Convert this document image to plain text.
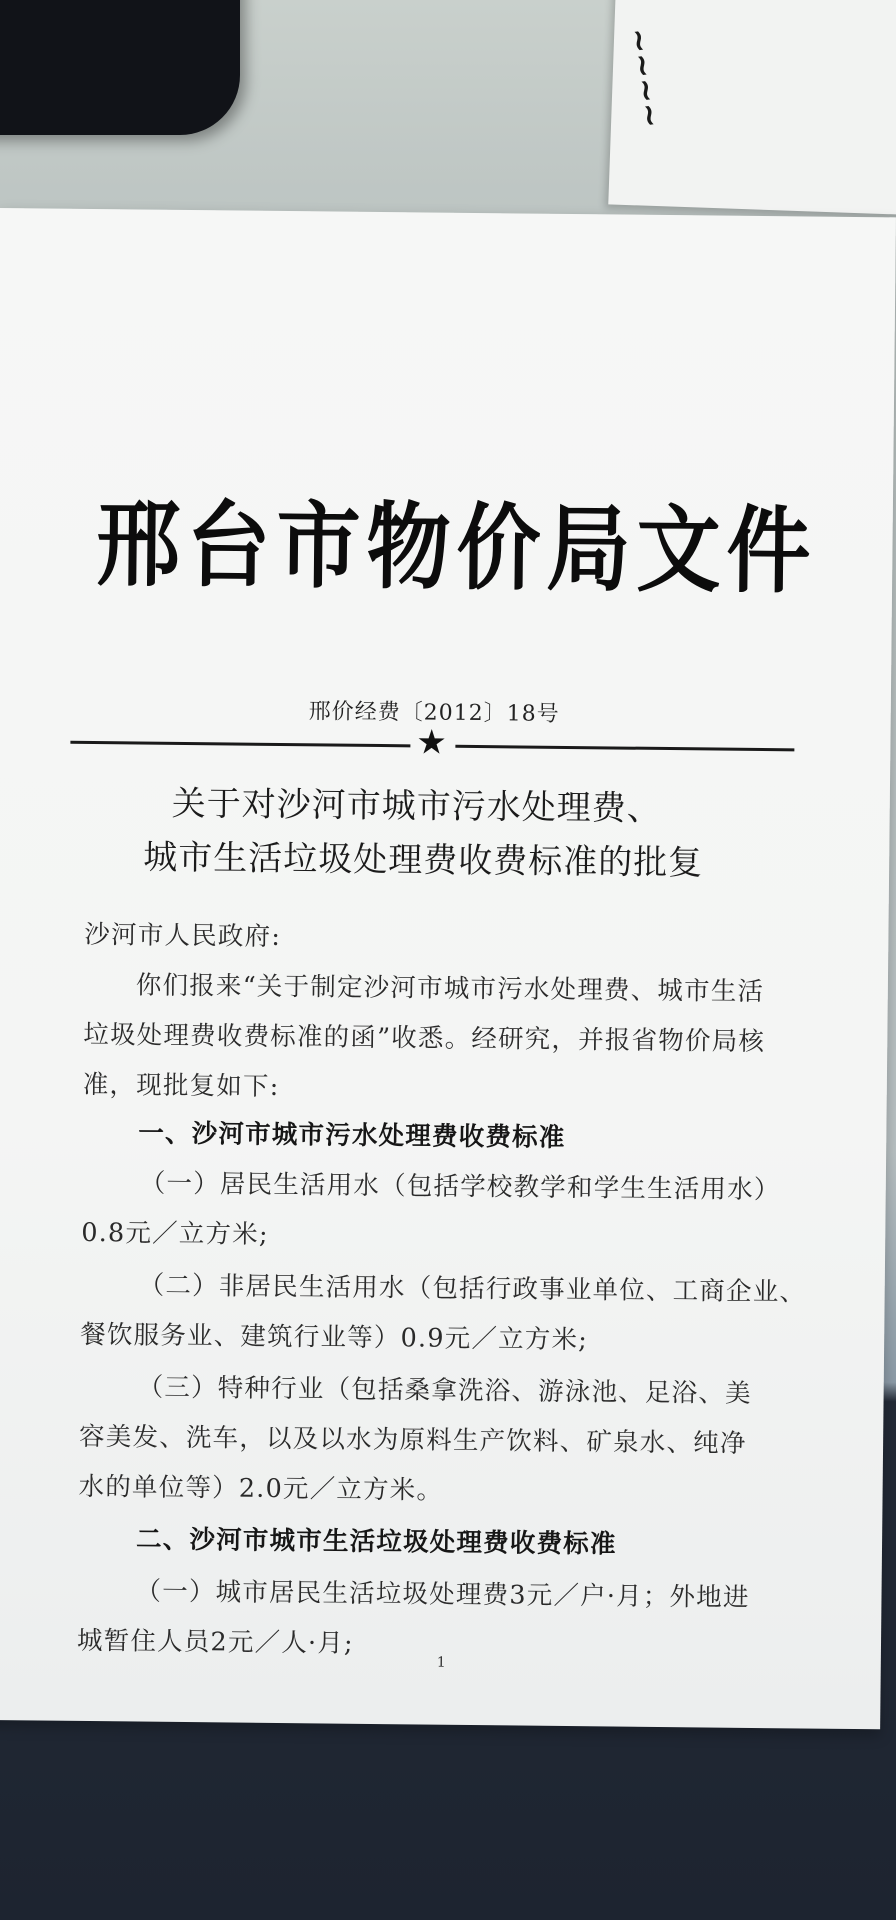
~~~~
邢台市物价局文件
邢价经费〔2012〕18号
★
关于对沙河市城市污水处理费、
城市生活垃圾处理费收费标准的批复
沙河市人民政府:
你们报来“关于制定沙河市城市污水处理费、城市生活
垃圾处理费收费标准的函”收悉。经研究，并报省物价局核
准，现批复如下:
一、沙河市城市污水处理费收费标准
（一）居民生活用水（包括学校教学和学生生活用水）
0.8元／立方米;
（二）非居民生活用水（包括行政事业单位、工商企业、
餐饮服务业、建筑行业等）0.9元／立方米;
（三）特种行业（包括桑拿洗浴、游泳池、足浴、美
容美发、洗车，以及以水为原料生产饮料、矿泉水、纯净
水的单位等）2.0元／立方米。
二、沙河市城市生活垃圾处理费收费标准
（一）城市居民生活垃圾处理费3元／户·月；外地进
城暂住人员2元／人·月;
1
